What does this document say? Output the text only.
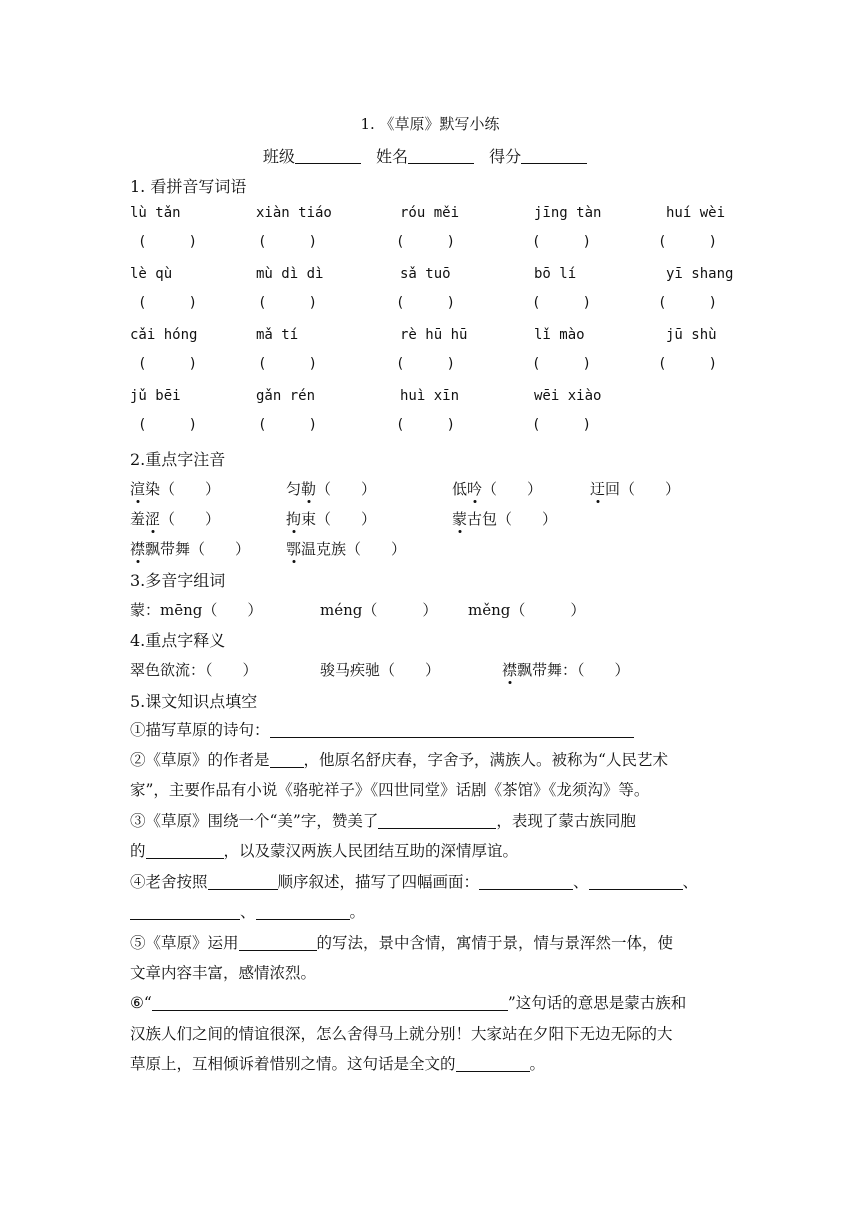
1. 《草原》默写小练
班级	姓名	得分
1. 看拼音写词语
lù tǎn	xiàn tiáo	róu měi	jīng tàn	huí wèi
(     )	(     )	(     )	(     )	(     )
lè qù	mù dì dì	sǎ tuō	bō lí	yī shang
(     )	(     )	(     )	(     )	(     )
cǎi hóng	mǎ tí	rè hū hū	lǐ mào	jū shù
(     )	(     )	(     )	(     )	(     )
jǔ bēi	gǎn rén	huì xīn	wēi xiào
(     )	(     )	(     )	(     )
2.重点字注音
渲染（　　）	匀勒（　　）	低吟（　　）	迂回（　　）
羞涩（　　）	拘束（　　）	蒙古包（　　）
襟飘带舞（　　） 鄂温克族（　　）
3.多音字组词
蒙：mēng（　　）	méng（　　　） měng（　　　）
4.重点字释义
翠色欲流：（　　）	骏马疾驰（　　）	襟飘带舞：（　　）
5.课文知识点填空
①描写草原的诗句：
②《草原》的作者是 ，他原名舒庆春，字舍予，满族人。被称为“人民艺术
家”，主要作品有小说《骆驼祥子》《四世同堂》话剧《茶馆》《龙须沟》等。
③《草原》围绕一个“美”字，赞美了	，表现了蒙古族同胞
的	，以及蒙汉两族人民团结互助的深情厚谊。
④老舍按照	顺序叙述，描写了四幅画面：	、	、
、	。
⑤《草原》运用	的写法，景中含情，寓情于景，情与景浑然一体，使
文章内容丰富，感情浓烈。
⑥“	”这句话的意思是蒙古族和
汉族人们之间的情谊很深，怎么舍得马上就分别！大家站在夕阳下无边无际的大
草原上，互相倾诉着惜别之情。这句话是全文的	。
